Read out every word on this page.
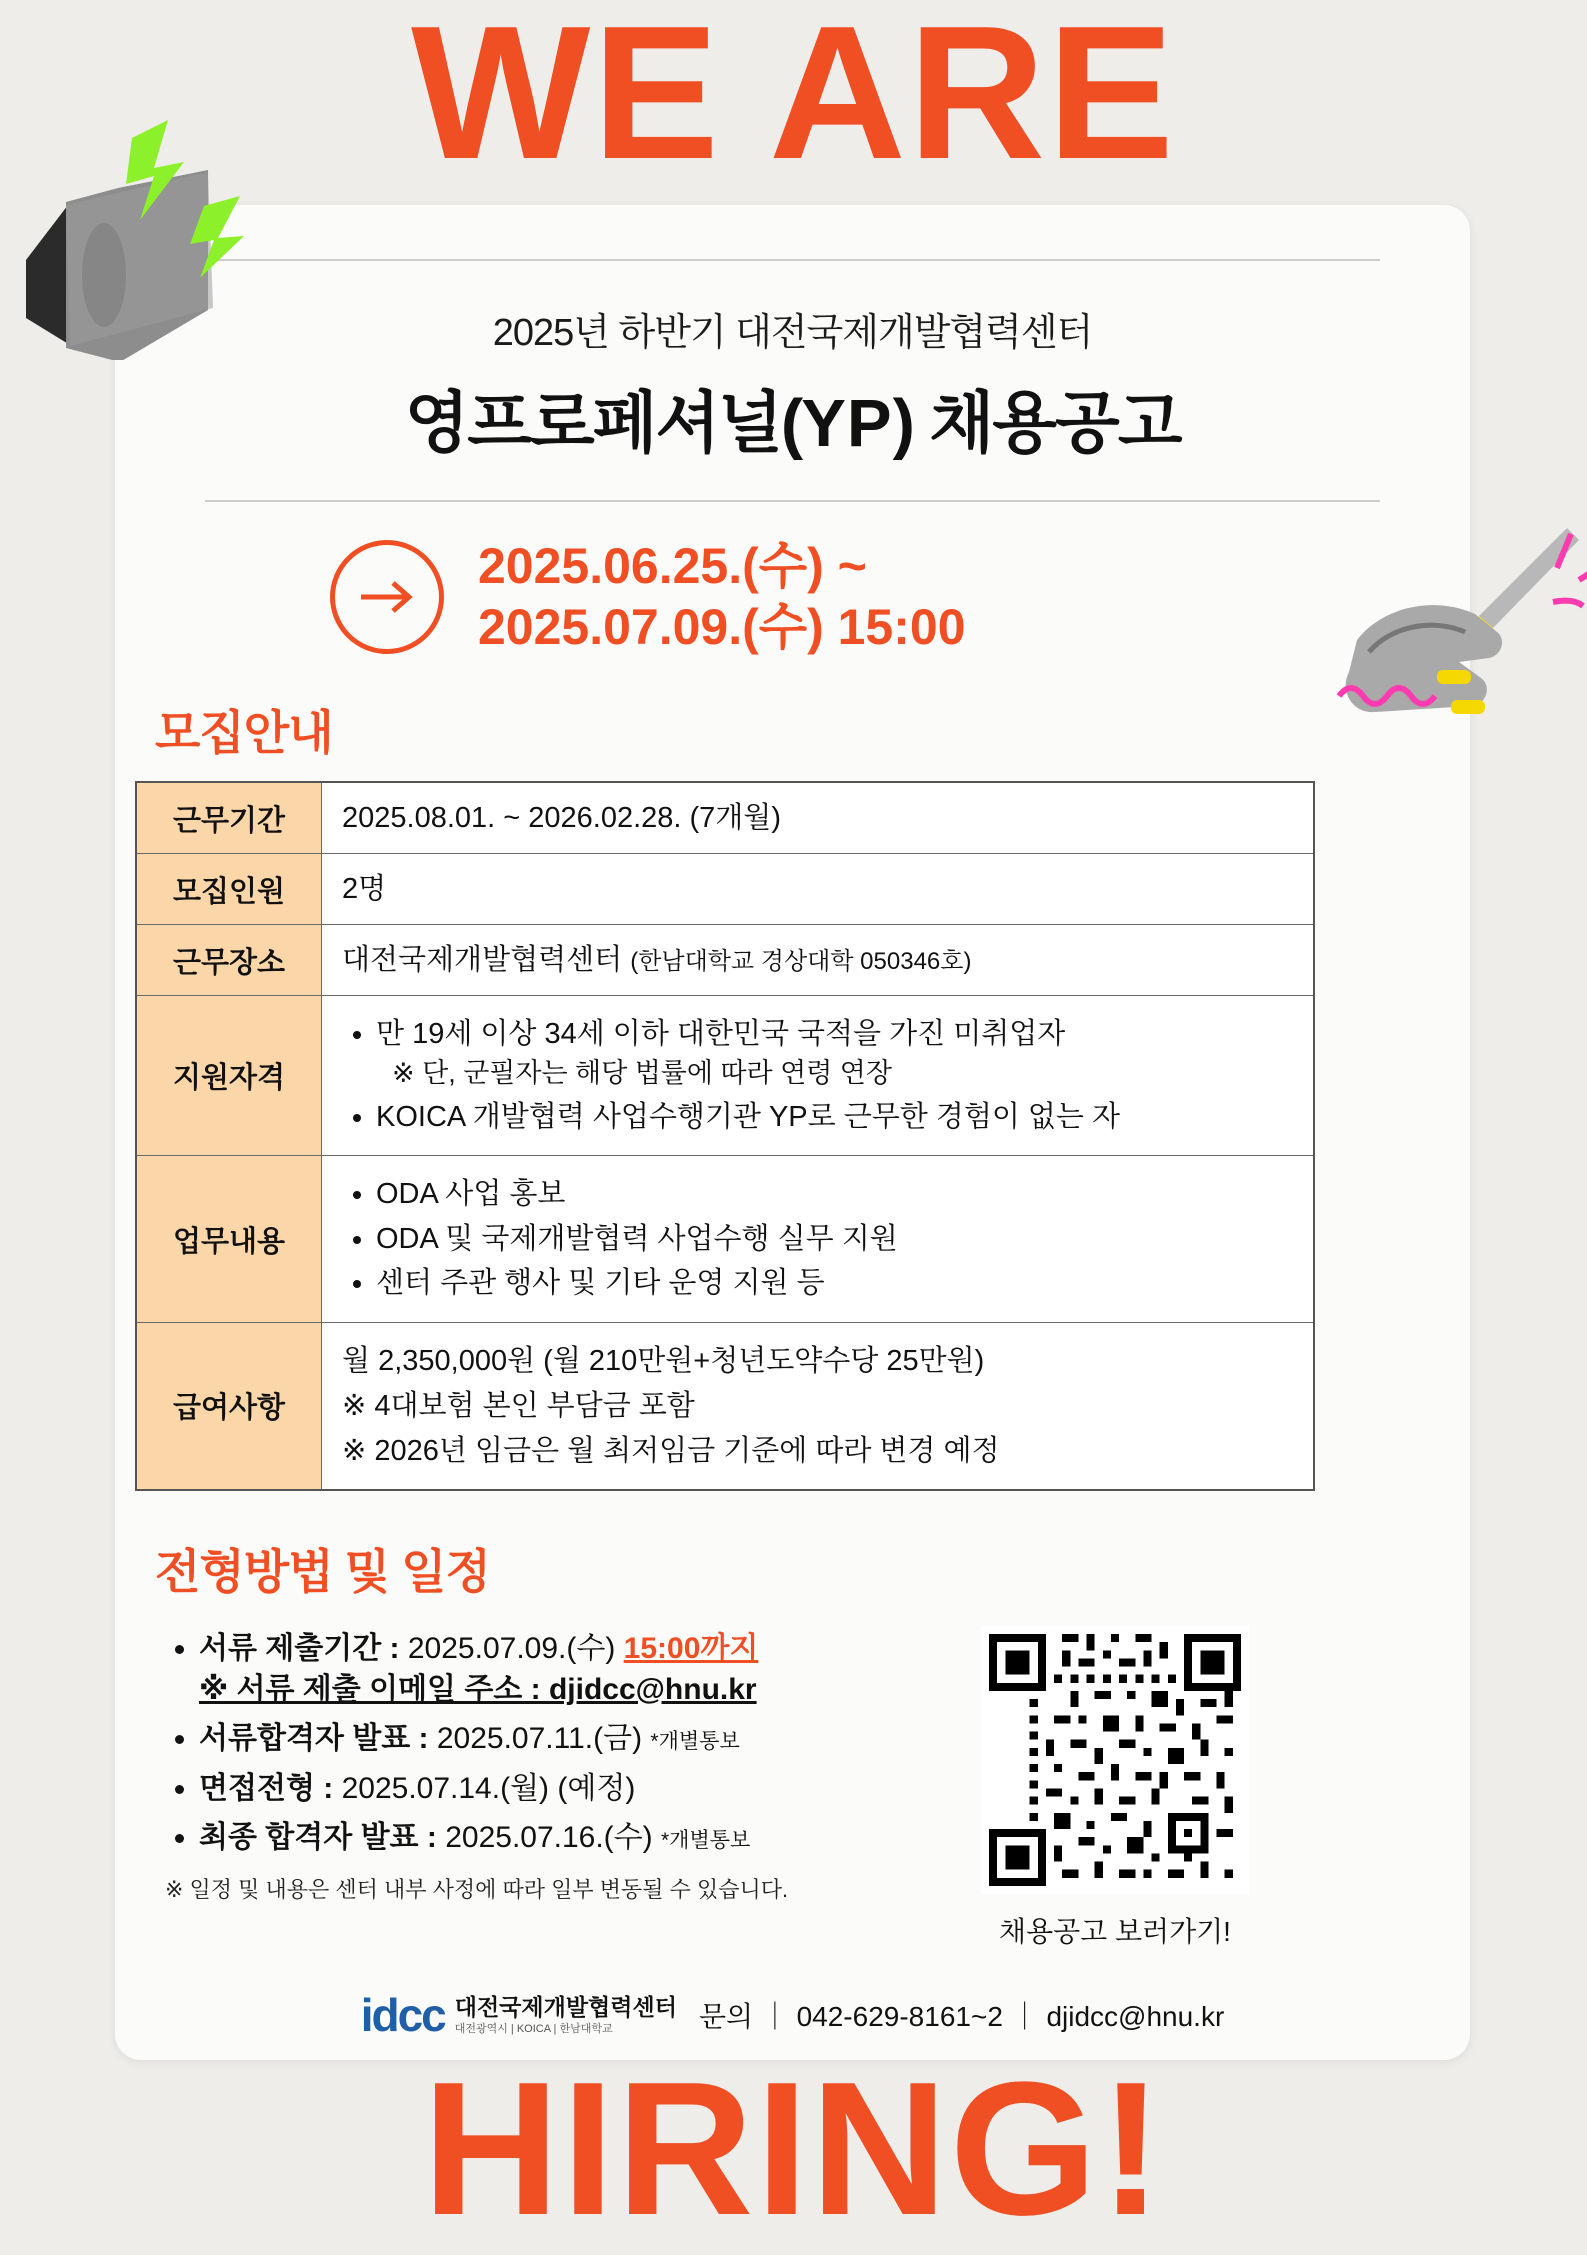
WE ARE
HIRING!
2025년 하반기 대전국제개발협력센터
영프로페셔널(YP) 채용공고
2025.06.25.(수) ~
2025.07.09.(수) 15:00
모집안내
근무기간	2025.08.01. ~ 2026.02.28. (7개월)
모집인원	2명
근무장소	대전국제개발협력센터 (한남대학교 경상대학 050346호)
지원자격	
• 만 19세 이상 34세 이하 대한민국 국적을 가진 미취업자
※ 단, 군필자는 해당 법률에 따라 연령 연장
• KOICA 개발협력 사업수행기관 YP로 근무한 경험이 없는 자

업무내용	
• ODA 사업 홍보
• ODA 및 국제개발협력 사업수행 실무 지원
• 센터 주관 행사 및 기타 운영 지원 등

급여사항	월 2,350,000원 (월 210만원+청년도약수당 25만원)
※ 4대보험 본인 부담금 포함
※ 2026년 임금은 월 최저임금 기준에 따라 변경 예정
전형방법 및 일정
• 서류 제출기간 : 2025.07.09.(수) 15:00까지
※ 서류 제출 이메일 주소 : djidcc@hnu.kr
• 서류합격자 발표 : 2025.07.11.(금) *개별통보
• 면접전형 : 2025.07.14.(월) (예정)
• 최종 합격자 발표 : 2025.07.16.(수) *개별통보
※ 일정 및 내용은 센터 내부 사정에 따라 일부 변동될 수 있습니다.
채용공고 보러가기!
idcc 대전국제개발협력센터
대전광역시 | KOICA | 한남대학교	문의 ｜ 042-629-8161~2 ｜ djidcc@hnu.kr
